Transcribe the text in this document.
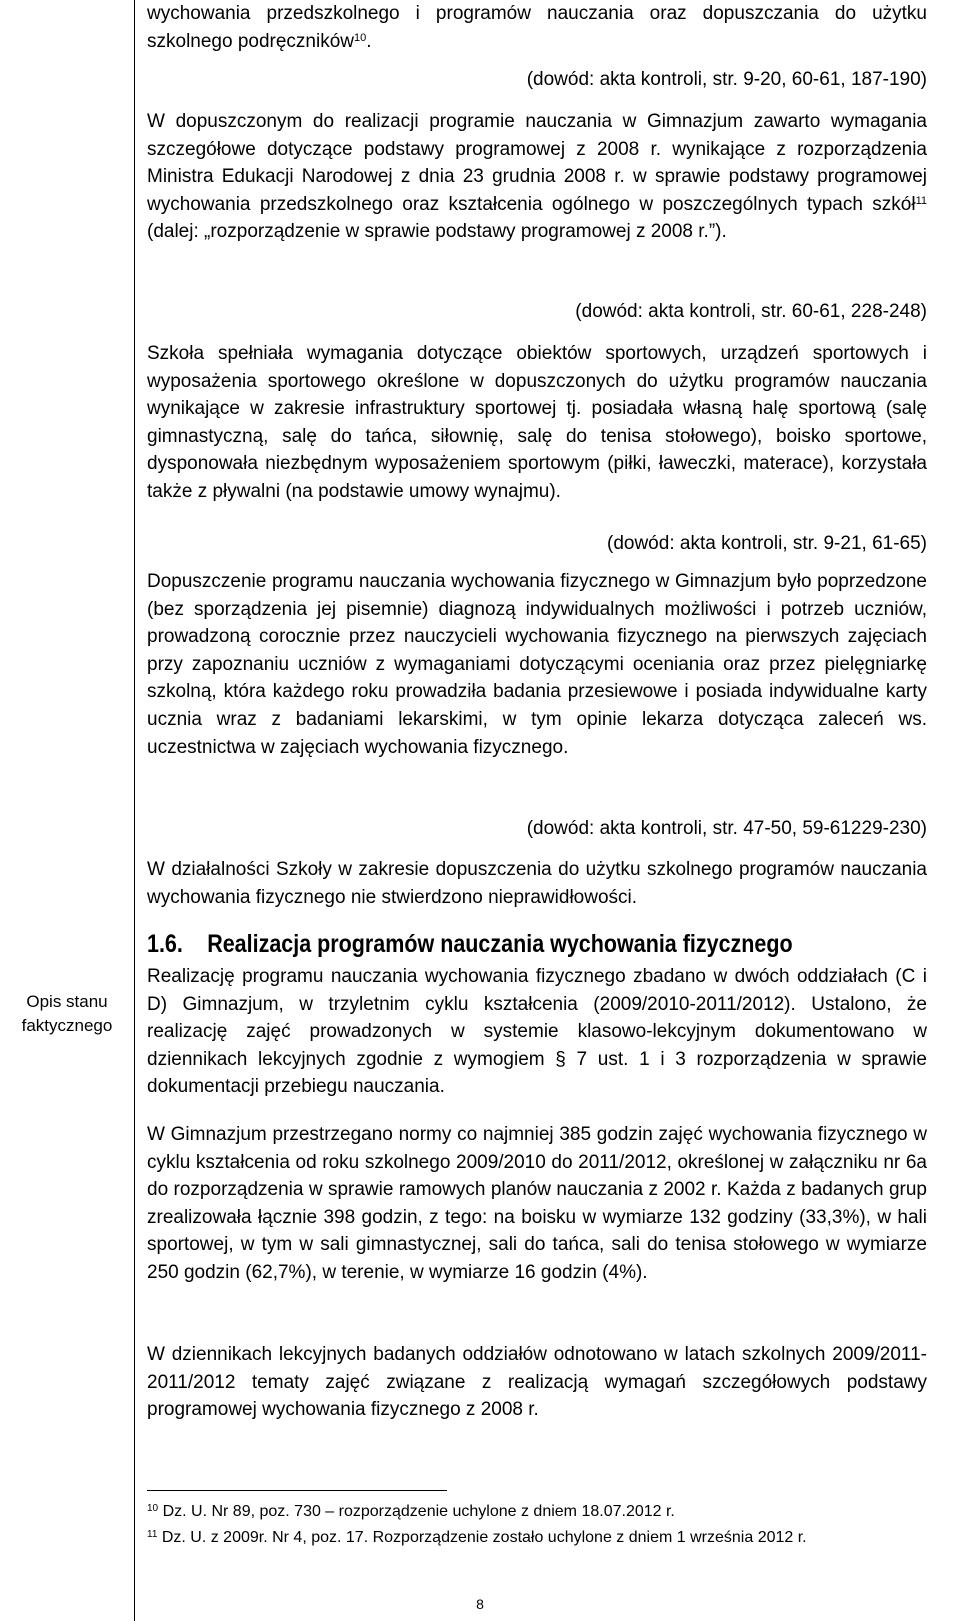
Opis stanu
faktycznego

wychowania przedszkolnego i programów nauczania oraz dopuszczania do użytku szkolnego podręczników$^{10}$.

(dowód: akta kontroli, str. 9-20, 60-61, 187-190)

W dopuszczonym do realizacji programie nauczania w Gimnazjum zawarto wymagania szczegółowe dotyczące podstawy programowej z 2008 r. wynikające z rozporządzenia Ministra Edukacji Narodowej z dnia 23 grudnia 2008 r. w sprawie podstawy programowej wychowania przedszkolnego oraz kształcenia ogólnego w poszczególnych typach szkół$^{11}$ (dalej: „rozporządzenie w sprawie podstawy programowej z 2008 r.”).

(dowód: akta kontroli, str. 60-61, 228-248)

Szkoła spełniała wymagania dotyczące obiektów sportowych, urządzeń sportowych i wyposażenia sportowego określone w dopuszczonych do użytku programów nauczania wynikające w zakresie infrastruktury sportowej tj. posiadała własną halę sportową (salę gimnastyczną, salę do tańca, siłownię, salę do tenisa stołowego), boisko sportowe, dysponowała niezbędnym wyposażeniem sportowym (piłki, ławeczki, materace), korzystała także z pływalni (na podstawie umowy wynajmu).

(dowód: akta kontroli, str. 9-21, 61-65)

Dopuszczenie programu nauczania wychowania fizycznego w Gimnazjum było poprzedzone (bez sporządzenia jej pisemnie) diagnozą indywidualnych możliwości i potrzeb uczniów, prowadzoną corocznie przez nauczycieli wychowania fizycznego na pierwszych zajęciach przy zapoznaniu uczniów z wymaganiami dotyczącymi oceniania oraz przez pielęgniarkę szkolną, która każdego roku prowadziła badania przesiewowe i posiada indywidualne karty ucznia wraz z badaniami lekarskimi, w tym opinie lekarza dotycząca zaleceń ws. uczestnictwa w zajęciach wychowania fizycznego.

(dowód: akta kontroli, str. 47-50, 59-61229-230)

W działalności Szkoły w zakresie dopuszczenia do użytku szkolnego programów nauczania wychowania fizycznego nie stwierdzono nieprawidłowości.

1.6. Realizacja programów nauczania wychowania fizycznego

Realizację programu nauczania wychowania fizycznego zbadano w dwóch oddziałach (C i D) Gimnazjum, w trzyletnim cyklu kształcenia (2009/2010-2011/2012). Ustalono, że realizację zajęć prowadzonych w systemie klasowo-lekcyjnym dokumentowano w dziennikach lekcyjnych zgodnie z wymogiem § 7 ust. 1 i 3 rozporządzenia w sprawie dokumentacji przebiegu nauczania.

W Gimnazjum przestrzegano normy co najmniej 385 godzin zajęć wychowania fizycznego w cyklu kształcenia od roku szkolnego 2009/2010 do 2011/2012, określonej w załączniku nr 6a do rozporządzenia w sprawie ramowych planów nauczania z 2002 r. Każda z badanych grup zrealizowała łącznie 398 godzin, z tego: na boisku w wymiarze 132 godziny (33,3%), w hali sportowej, w tym w sali gimnastycznej, sali do tańca, sali do tenisa stołowego w wymiarze 250 godzin (62,7%), w terenie, w wymiarze 16 godzin (4%).

W dziennikach lekcyjnych badanych oddziałów odnotowano w latach szkolnych 2009/2011-2011/2012 tematy zajęć związane z realizacją wymagań szczegółowych podstawy programowej wychowania fizycznego z 2008 r.

$^{10}$ Dz. U. Nr 89, poz. 730 – rozporządzenie uchylone z dniem 18.07.2012 r.
$^{11}$ Dz. U. z 2009r. Nr 4, poz. 17. Rozporządzenie zostało uchylone z dniem 1 września 2012 r.
8
